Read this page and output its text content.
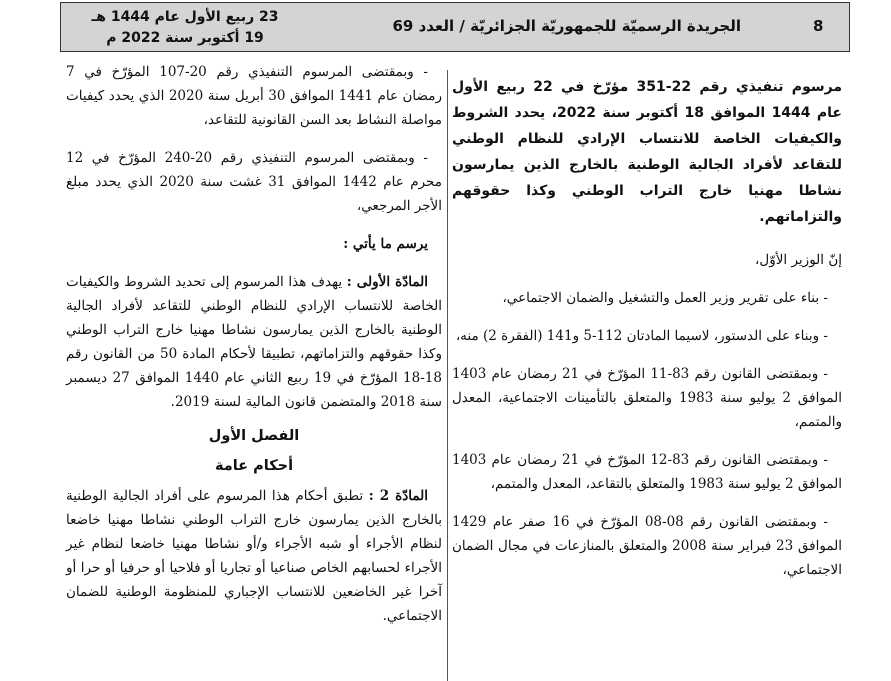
8
الجريدة الرسميّة للجمهوريّة الجزائريّة / العدد 69
23 ربيع الأول عام 1444 هـ
19 أكتوبر سنة 2022 م

مرسوم تنفيذي رقم 22-351 مؤرّخ في 22 ربيع الأول عام 1444 الموافق 18 أكتوبر سنة 2022، يحدد الشروط والكيفيات الخاصة للانتساب الإرادي للنظام الوطني للتقاعد لأفراد الجالية الوطنية بالخارج الذين يمارسون نشاطا مهنيا خارج التراب الوطني وكذا حقوقهم والتزاماتهم.

إنّ الوزير الأوّل،

- بناء على تقرير وزير العمل والتشغيل والضمان الاجتماعي،

- وبناء على الدستور، لاسيما المادتان 112-5 و141 (الفقرة 2) منه،

- وبمقتضى القانون رقم 83-11 المؤرّخ في 21 رمضان عام 1403 الموافق 2 يوليو سنة 1983 والمتعلق بالتأمينات الاجتماعية، المعدل والمتمم،

- وبمقتضى القانون رقم 83-12 المؤرّخ في 21 رمضان عام 1403 الموافق 2 يوليو سنة 1983 والمتعلق بالتقاعد، المعدل والمتمم،

- وبمقتضى القانون رقم 08-08 المؤرّخ في 16 صفر عام 1429 الموافق 23 فبراير سنة 2008 والمتعلق بالمنازعات في مجال الضمان الاجتماعي،

- وبمقتضى المرسوم التنفيذي رقم 20-107 المؤرّخ في 7 رمضان عام 1441 الموافق 30 أبريل سنة 2020 الذي يحدد كيفيات مواصلة النشاط بعد السن القانونية للتقاعد،

- وبمقتضى المرسوم التنفيذي رقم 20-240 المؤرّخ في 12 محرم عام 1442 الموافق 31 غشت سنة 2020 الذي يحدد مبلغ الأجر المرجعي،

يرسم ما يأتي :

المادّة الأولى : يهدف هذا المرسوم إلى تحديد الشروط والكيفيات الخاصة للانتساب الإرادي للنظام الوطني للتقاعد لأفراد الجالية الوطنية بالخارج الذين يمارسون نشاطا مهنيا خارج التراب الوطني وكذا حقوقهم والتزاماتهم، تطبيقا لأحكام المادة 50 من القانون رقم 18-18 المؤرّخ في 19 ربيع الثاني عام 1440 الموافق 27 ديسمبر سنة 2018 والمتضمن قانون المالية لسنة 2019.

الفصل الأول
أحكام عامة

المادّة 2 : تطبق أحكام هذا المرسوم على أفراد الجالية الوطنية بالخارج الذين يمارسون خارج التراب الوطني نشاطا مهنيا خاضعا لنظام الأجراء أو شبه الأجراء و/أو نشاطا مهنيا خاضعا لنظام غير الأجراء لحسابهم الخاص صناعيا أو تجاريا أو فلاحيا أو حرفيا أو حرا أو آخرا غير الخاضعين للانتساب الإجباري للمنظومة الوطنية للضمان الاجتماعي.
